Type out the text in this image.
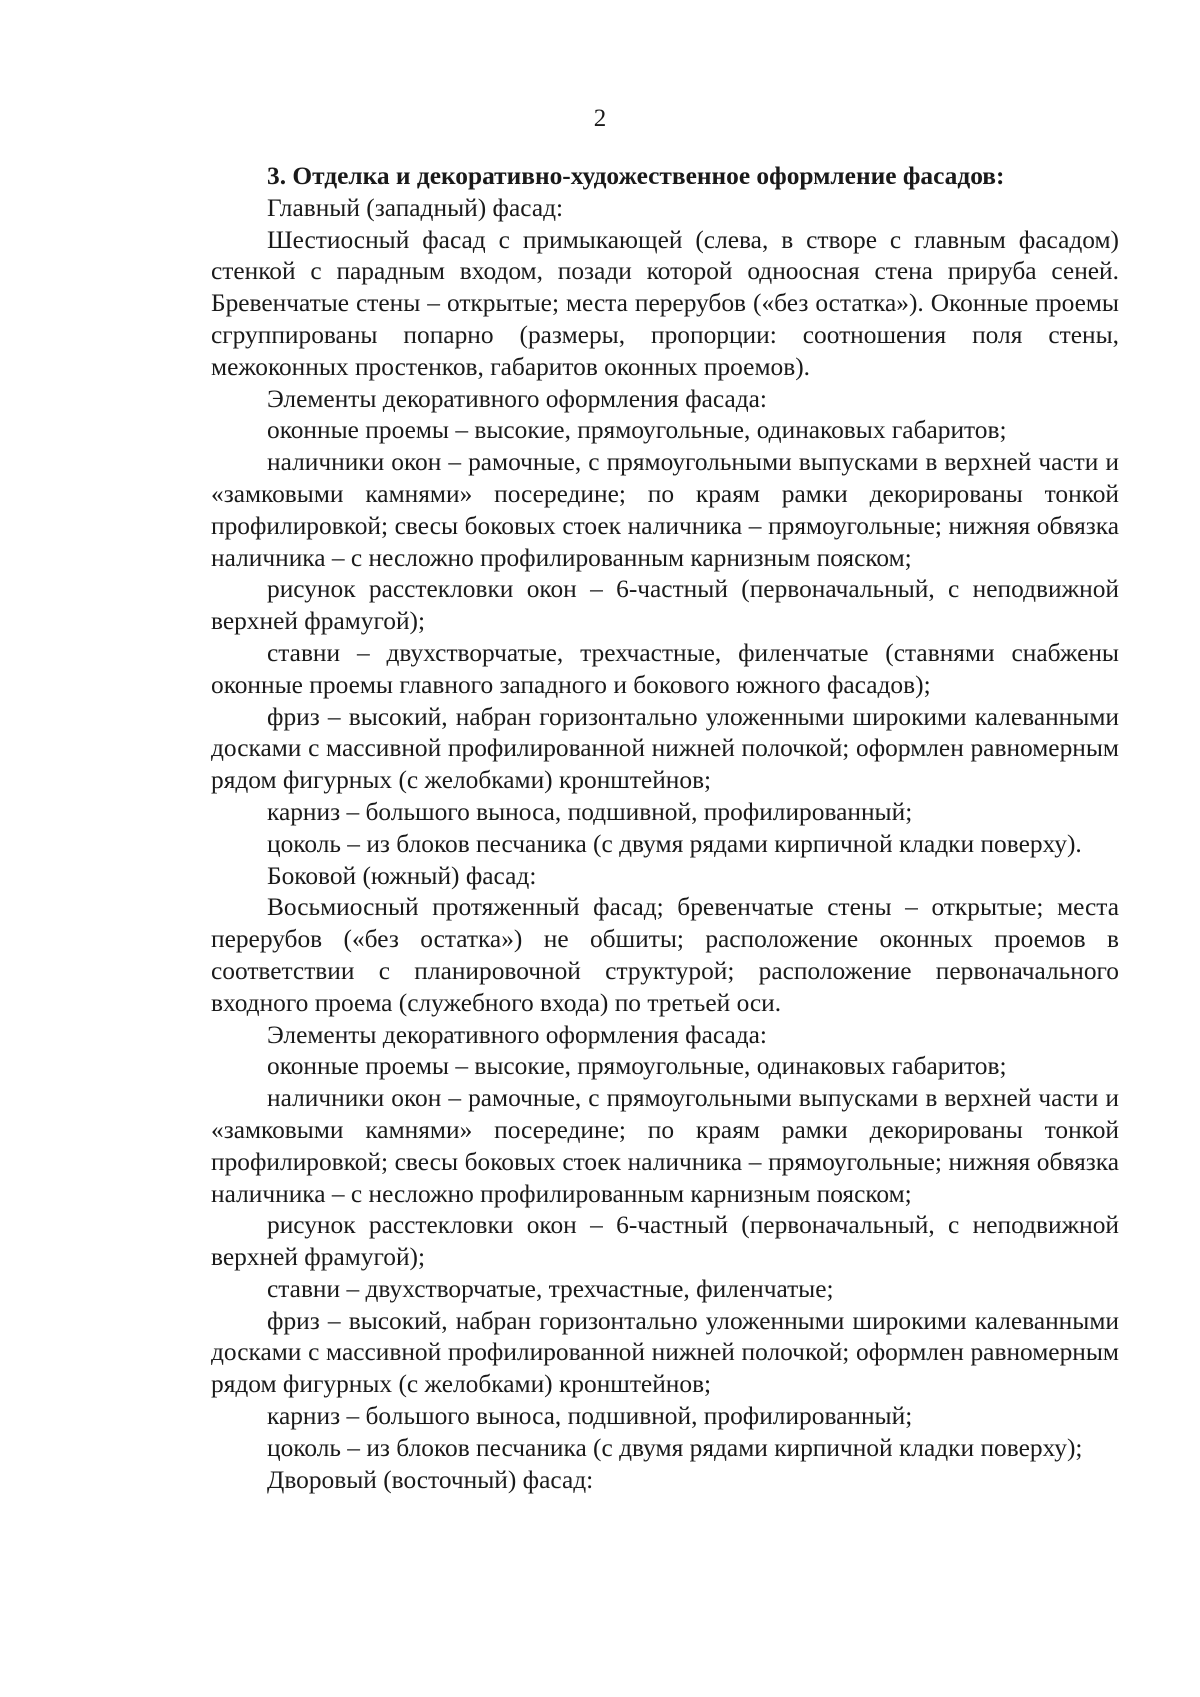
2

3. Отделка и декоративно-художественное оформление фасадов:

Главный (западный) фасад:

Шестиосный фасад с примыкающей (слева, в створе с главным фасадом) стенкой с парадным входом, позади которой одноосная стена прируба сеней. Бревенчатые стены – открытые; места перерубов («без остатка»). Оконные проемы сгруппированы попарно (размеры, пропорции: соотношения поля стены, межоконных простенков, габаритов оконных проемов).

Элементы декоративного оформления фасада:

оконные проемы – высокие, прямоугольные, одинаковых габаритов;

наличники окон – рамочные, с прямоугольными выпусками в верхней части и «замковыми камнями» посередине; по краям рамки декорированы тонкой профилировкой; свесы боковых стоек наличника – прямоугольные; нижняя обвязка наличника – с несложно профилированным карнизным пояском;

рисунок расстекловки окон – 6-частный (первоначальный, с неподвижной верхней фрамугой);

ставни – двухстворчатые, трехчастные, филенчатые (ставнями снабжены оконные проемы главного западного и бокового южного фасадов);

фриз – высокий, набран горизонтально уложенными широкими калеванными досками с массивной профилированной нижней полочкой; оформлен равномерным рядом фигурных (с желобками) кронштейнов;

карниз – большого выноса, подшивной, профилированный;

цоколь – из блоков песчаника (с двумя рядами кирпичной кладки поверху).

Боковой (южный) фасад:

Восьмиосный протяженный фасад; бревенчатые стены – открытые; места перерубов («без остатка») не обшиты; расположение оконных проемов в соответствии с планировочной структурой; расположение первоначального входного проема (служебного входа) по третьей оси.

Элементы декоративного оформления фасада:

оконные проемы – высокие, прямоугольные, одинаковых габаритов;

наличники окон – рамочные, с прямоугольными выпусками в верхней части и «замковыми камнями» посередине; по краям рамки декорированы тонкой профилировкой; свесы боковых стоек наличника – прямоугольные; нижняя обвязка наличника – с несложно профилированным карнизным пояском;

рисунок расстекловки окон – 6-частный (первоначальный, с неподвижной верхней фрамугой);

ставни – двухстворчатые, трехчастные, филенчатые;

фриз – высокий, набран горизонтально уложенными широкими калеванными досками с массивной профилированной нижней полочкой; оформлен равномерным рядом фигурных (с желобками) кронштейнов;

карниз – большого выноса, подшивной, профилированный;

цоколь – из блоков песчаника (с двумя рядами кирпичной кладки поверху);

Дворовый (восточный) фасад:
